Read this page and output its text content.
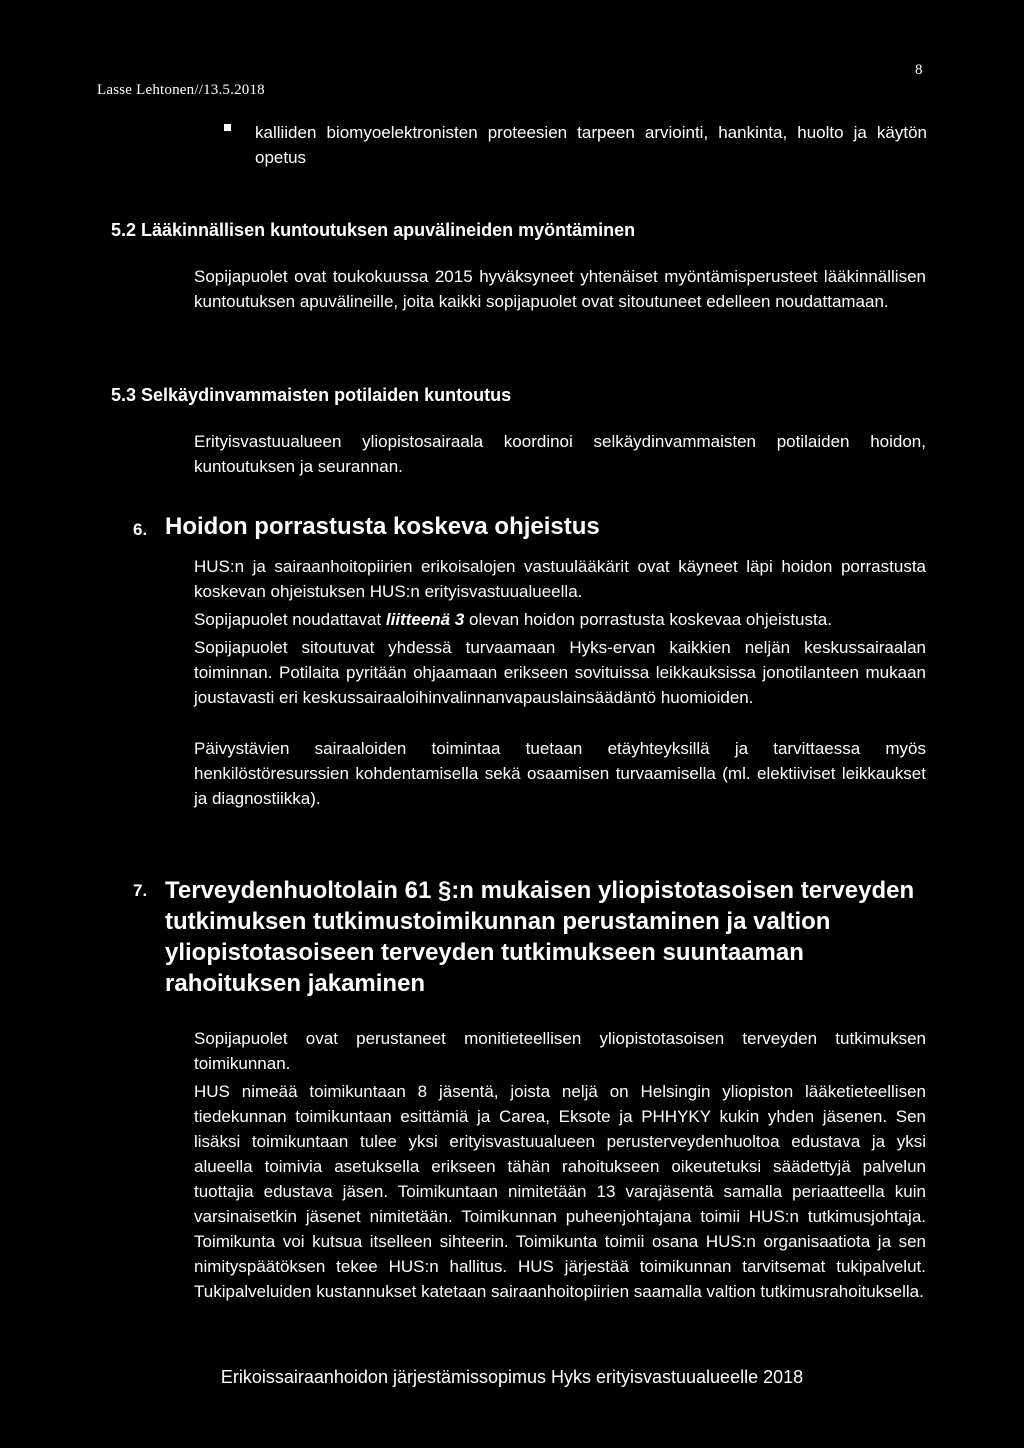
Lasse Lehtonen//13.5.2018

8

kalliiden biomyoelektronisten proteesien tarpeen arviointi, hankinta, huolto ja käytön opetus

5.2 Lääkinnällisen kuntoutuksen apuvälineiden myöntäminen

Sopijapuolet ovat toukokuussa 2015 hyväksyneet yhtenäiset myöntämisperusteet lääkinnällisen kuntoutuksen apuvälineille, joita kaikki sopijapuolet ovat sitoutuneet edelleen noudattamaan.

5.3 Selkäydinvammaisten potilaiden kuntoutus

Erityisvastuualueen yliopistosairaala koordinoi selkäydinvammaisten potilaiden hoidon, kuntoutuksen ja seurannan.

6. Hoidon porrastusta koskeva ohjeistus

HUS:n ja sairaanhoitopiirien erikoisalojen vastuulääkärit ovat käyneet läpi hoidon porrastusta koskevan ohjeistuksen HUS:n erityisvastuualueella.

Sopijapuolet noudattavat liitteenä 3 olevan hoidon porrastusta koskevaa ohjeistusta.

Sopijapuolet sitoutuvat yhdessä turvaamaan Hyks-ervan kaikkien neljän keskussairaalan toiminnan. Potilaita pyritään ohjaamaan erikseen sovituissa leikkauksissa jonotilanteen mukaan joustavasti eri keskussairaaloihinvalinnanvapauslainsäädäntö huomioiden.

Päivystävien sairaaloiden toimintaa tuetaan etäyhteyksillä ja tarvittaessa myös henkilöstöresurssien kohdentamisella sekä osaamisen turvaamisella (ml. elektiiviset leikkaukset ja diagnostiikka).

7. Terveydenhuoltolain 61 §:n mukaisen yliopistotasoisen terveyden tutkimuksen tutkimustoimikunnan perustaminen ja valtion yliopistotasoiseen terveyden tutkimukseen suuntaaman rahoituksen jakaminen

Sopijapuolet ovat perustaneet monitieteellisen yliopistotasoisen terveyden tutkimuksen toimikunnan.

HUS nimeää toimikuntaan 8 jäsentä, joista neljä on Helsingin yliopiston lääketieteellisen tiedekunnan toimikuntaan esittämiä ja Carea, Eksote ja PHHYKY kukin yhden jäsenen. Sen lisäksi toimikuntaan tulee yksi erityisvastuualueen perusterveydenhuoltoa edustava ja yksi alueella toimivia asetuksella erikseen tähän rahoitukseen oikeutetuksi säädettyjä palvelun tuottajia edustava jäsen. Toimikuntaan nimitetään 13 varajäsentä samalla periaatteella kuin varsinaisetkin jäsenet nimitetään. Toimikunnan puheenjohtajana toimii HUS:n tutkimusjohtaja. Toimikunta voi kutsua itselleen sihteerin. Toimikunta toimii osana HUS:n organisaatiota ja sen nimityspäätöksen tekee HUS:n hallitus. HUS järjestää toimikunnan tarvitsemat tukipalvelut. Tukipalveluiden kustannukset katetaan sairaanhoitopiirien saamalla valtion tutkimusrahoituksella.

Erikoissairaanhoidon järjestämissopimus Hyks erityisvastuualueelle 2018
